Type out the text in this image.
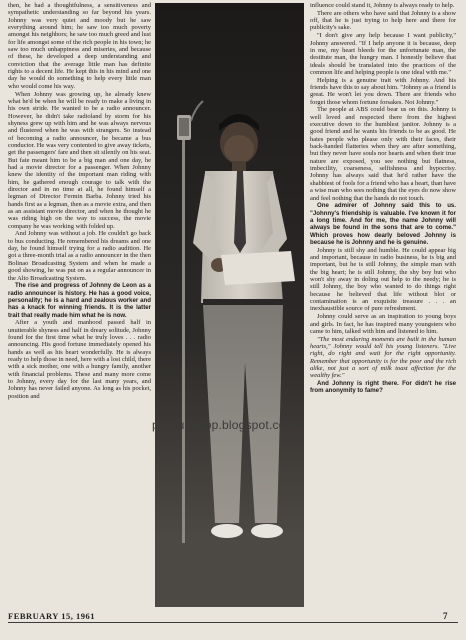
then, he had a thoughtfulness, a sensitiveness and sympathetic understanding so far beyond his years. Johnny was very quiet and moody but he saw everything around him; he saw too much poverty amongst his neighbors; he saw too much greed and lust for life amongst some of the rich people in his town; he saw too much unhappiness and miseries, and because of these, he developed a deep understanding and conviction that the average little man has definite rights to a decent life. He kept this in his mind and one day he would do something to help every little man who would come his way.

When Johnny was growing up, he already knew what he'd be when he will be ready to make a living in his own stride. He wanted to be a radio announcer. However, he didn't take radioland by storm for his shyness grew up with him and he was always nervous and flustered when he was with strangers. So instead of becoming a radio announcer, he became a bus conductor. He was very contented to give away tickets, get the passengers' fare and then sit silently on his seat. But fate meant him to be a big man and one day, he had a movie director for a passenger. When Johnny knew the identity of the important man riding with him, he gathered enough courage to talk with the director and in no time at all, he found himself a legman of Director Fermin Barba. Johnny tried his hands first as a legman, then as a movie extra, and then as an assistant movie director, and when he thought he was riding high on the way to success, the movie company he was working with folded up.

And Johnny was without a job. He couldn't go back to bus conducting. He remembered his dreams and one day, he found himself trying for a radio audition. He got a three-month trial as a radio announcer in the then Bolinao Broadcasting System and when he made a good showing, he was put on as a regular announcer in the Alto Broadcasting System.

The rise and progress of Johnny de Leon as a radio announcer is history. He has a good voice, personality; he is a hard and zealous worker and has a knack for winning friends. It is the latter trait that really made him what he is now.

After a youth and manhood passed half in unutterable shyness and half in dreary solitude, Johnny found for the first time what he truly loves . . . radio announcing. His good fortune immediately opened his hands as well as his heart wonderfully. He is always ready to help those in need, here with a lost child, there with a sick mother, one with a hungry family, another with financial problems. These and many more come to Johnny, every day for the last many years, and Johnny has never failed anyone. As long as his pocket, position and

influence could stand it, Johnny is always ready to help.

There are others who have said that Johnny is a show off, that he is just trying to help here and there for publicity's sake.

"I don't give any help because I want publicity," Johnny answered. "If I help anyone it is because, deep in me, my heart bleeds for the unfortunate man, the destitute man, the hungry man. I honestly believe that ideals should be translated into the practices of the common life and helping people is one ideal with me."

Helping is a genuine trait with Johnny. And his friends have this to say about him. "Johnny as a friend is great. He won't let you down. There are friends who forget those whom fortune forsakes. Not Johnny."

The people at ABS could bear us on this. Johnny is well loved and respected there from the highest executive down to the humblest janitor. Johnny is a good friend and he wants his friends to be as good. He hates people who please only with their faces, their back-handed flatteries when they are after something, but they never have souls nor hearts and when their true nature are exposed, you see nothing but flatness, imbecility, coarseness, selfishness and hypocrisy. Johnny has always said that he'd rather have the shabbiest of fools for a friend who has a heart, than have a wise man who sees nothing that the eyes do now show and feel nothing that the hands do not touch.

One admirer of Johnny said this to us. "Johnny's friendship is valuable. I've known it for a long time. And for me, the name Johnny will always be found in the sons that are to come." Which proves how dearly beloved Johnny is because he is Johnny and he is genuine.

Johnny is still shy and humble. He could appear big and important, because in radio business, he is big and important, but he is still Johnny, the simple man with the big heart; he is still Johnny, the shy boy but who won't shy away in doling out help to the needy; he is still Johnny, the boy who wanted to do things right because he believed that life without blot or contamination is an exquisite treasure . . . an inexhaustible source of pure refreshment.

Johnny could serve as an inspiration to young boys and girls. In fact, he has inspired many youngsters who came to him, talked with him and listened to him.

"The most enduring moments are built in the human hearts," Johnny would tell his young listeners. "Live right, do right and wait for the right opportunity. Remember that opportunity is for the poor and the rich alike, not just a sort of milk toast affection for the wealthy few."

And Johnny is right there. For didn't he rise from anonymity to fame?

pelikulaatbp.blogspot.com
FEBRUARY 15, 1961	7
